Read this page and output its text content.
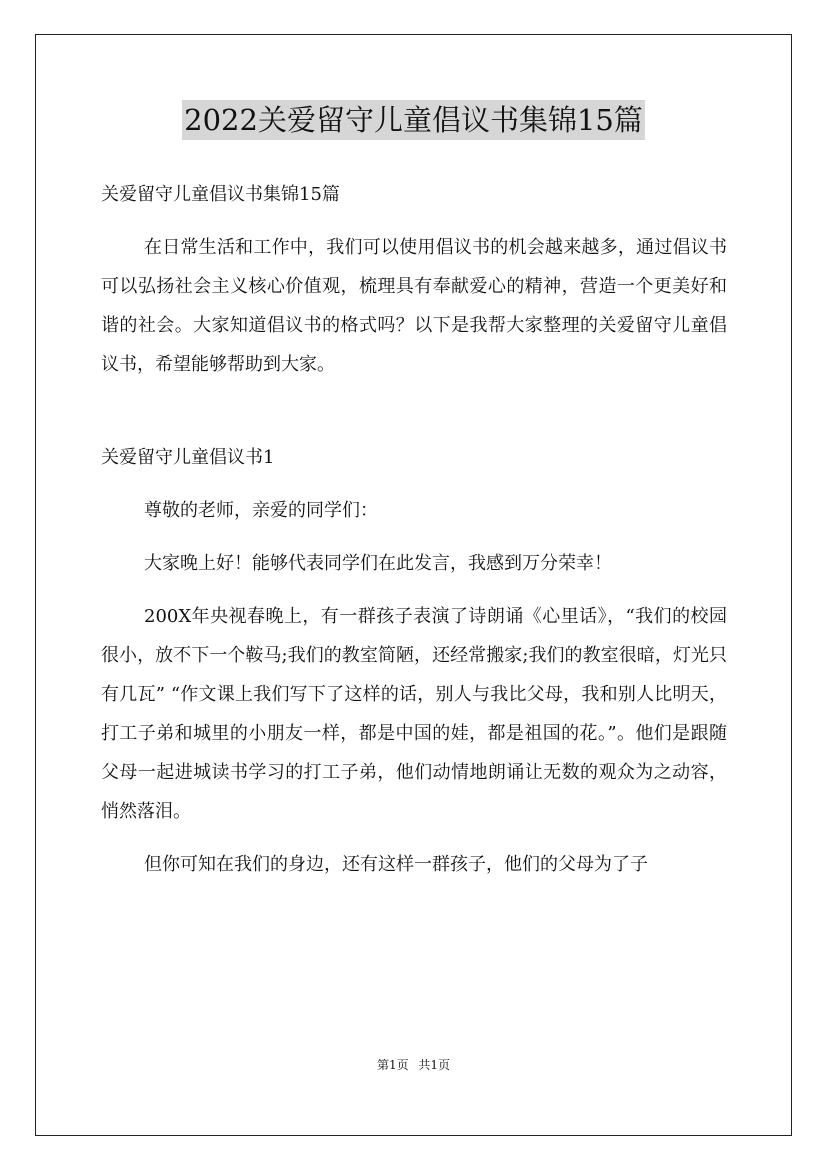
2022关爱留守儿童倡议书集锦15篇

关爱留守儿童倡议书集锦15篇

在日常生活和工作中，我们可以使用倡议书的机会越来越多，通过倡议书可以弘扬社会主义核心价值观，梳理具有奉献爱心的精神，营造一个更美好和谐的社会。大家知道倡议书的格式吗？以下是我帮大家整理的关爱留守儿童倡议书，希望能够帮助到大家。

关爱留守儿童倡议书1

尊敬的老师，亲爱的同学们：

大家晚上好！能够代表同学们在此发言，我感到万分荣幸！

200X年央视春晚上，有一群孩子表演了诗朗诵《心里话》，“我们的校园很小，放不下一个鞍马;我们的教室简陋，还经常搬家;我们的教室很暗，灯光只有几瓦” “作文课上我们写下了这样的话，别人与我比父母，我和别人比明天，打工子弟和城里的小朋友一样，都是中国的娃，都是祖国的花。”。他们是跟随父母一起进城读书学习的打工子弟，他们动情地朗诵让无数的观众为之动容，悄然落泪。

但你可知在我们的身边，还有这样一群孩子，他们的父母为了子

第1页 共1页
